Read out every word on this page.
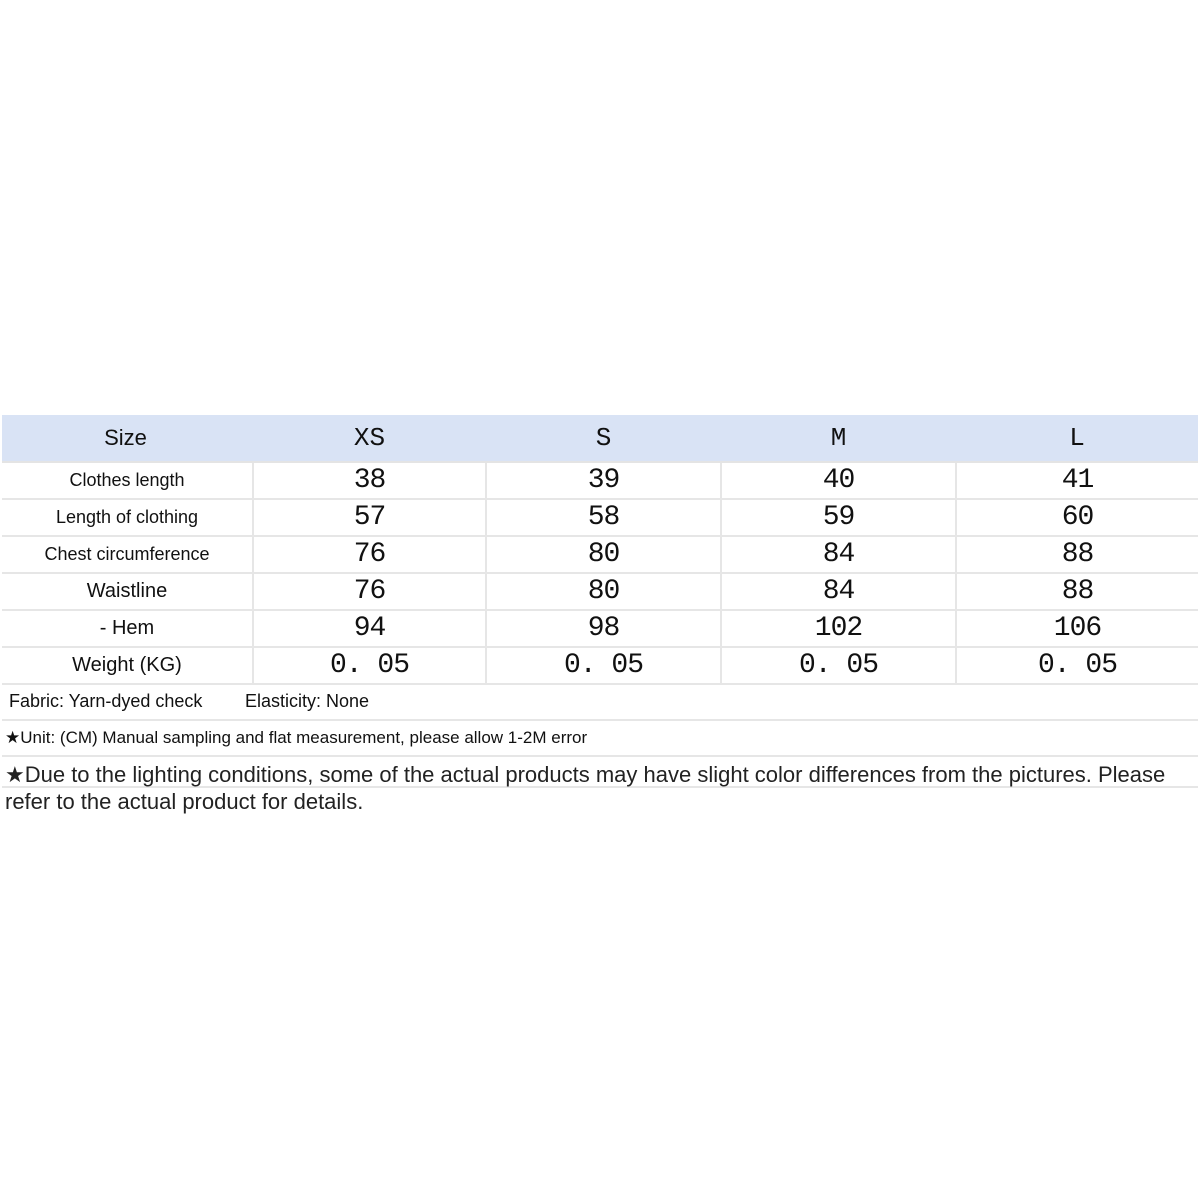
Size	XS	S	M	L
Clothes length	38	39	40	41
Length of clothing	57	58	59	60
Chest circumference	76	80	84	88
Waistline	76	80	84	88
- Hem	94	98	102	106
Weight (KG)	0. 05	0. 05	0. 05	0. 05
Fabric: Yarn-dyed check Elasticity: None
★Unit: (CM) Manual sampling and flat measurement, please allow 1-2M error
★Due to the lighting conditions, some of the actual products may have slight color differences from the pictures. Please refer to the actual product for details.
